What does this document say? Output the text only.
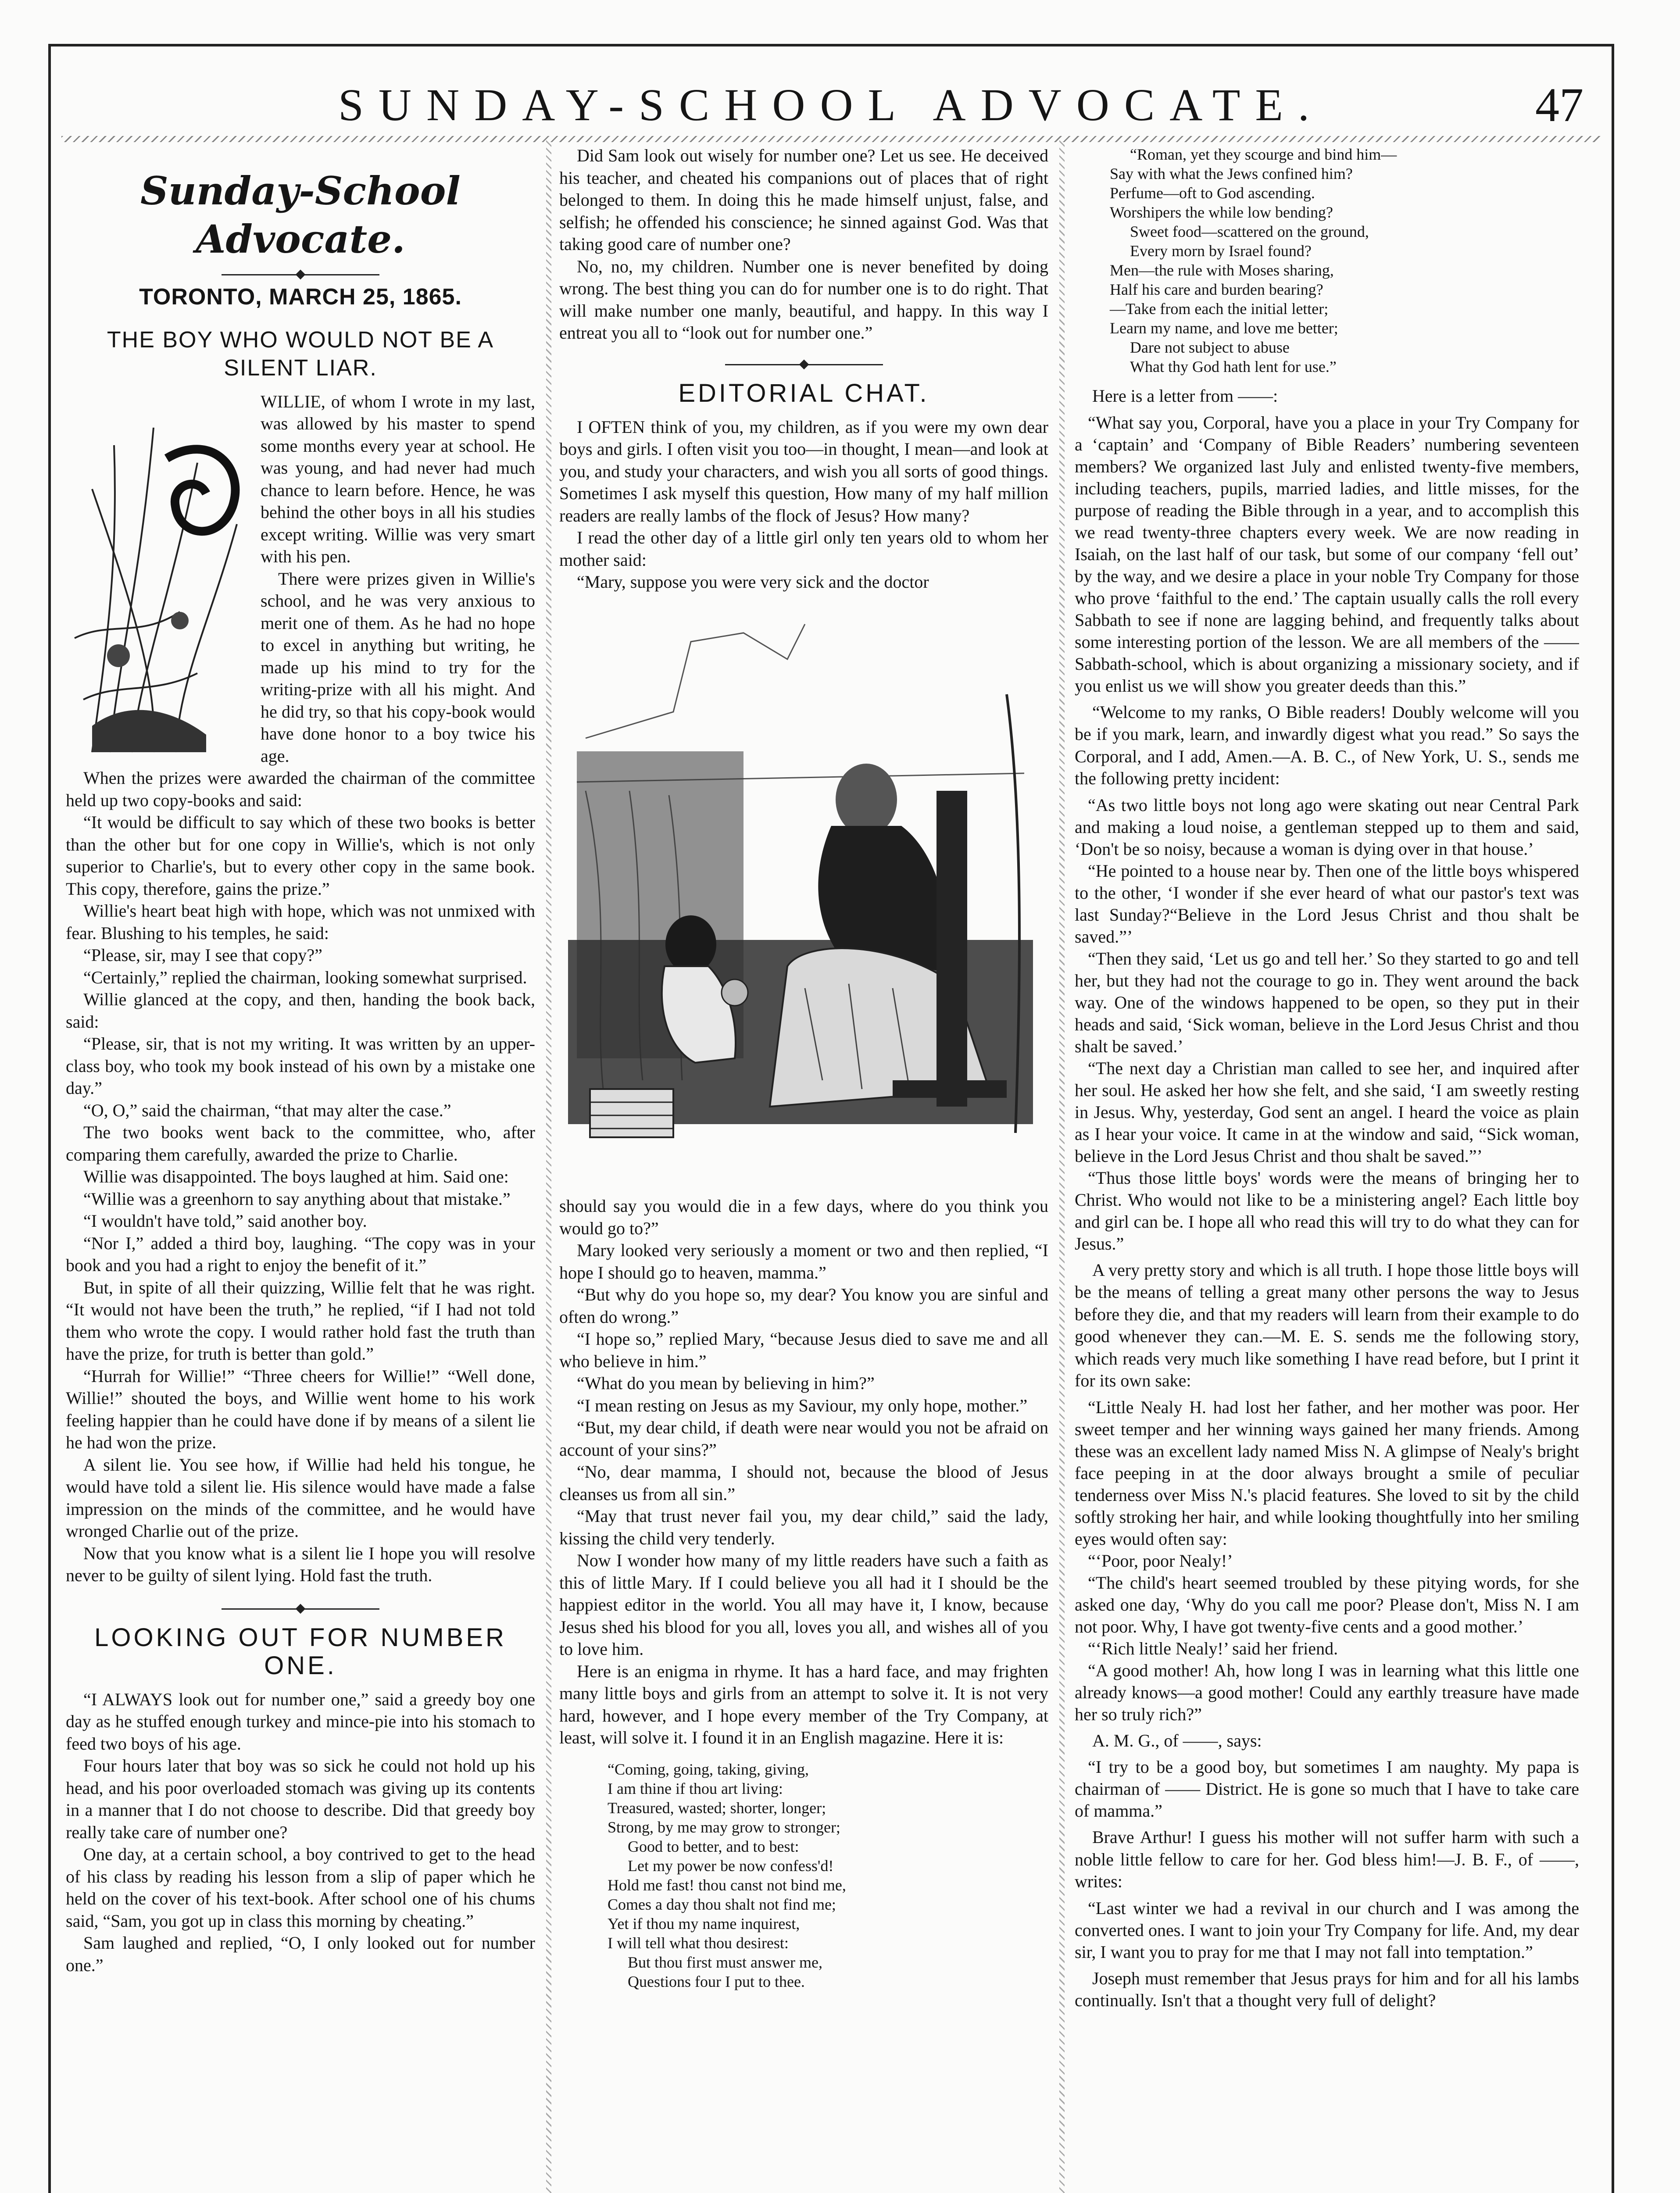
SUNDAY-SCHOOL ADVOCATE.	47
Sunday-School Advocate.
TORONTO, MARCH 25, 1865.
THE BOY WHO WOULD NOT BE A SILENT LIAR.

WILLIE, of whom I wrote in my last, was allowed by his master to spend some months every year at school. He was young, and had never had much chance to learn before. Hence, he was behind the other boys in all his studies except writing. Willie was very smart with his pen.

There were prizes given in Willie's school, and he was very anxious to merit one of them. As he had no hope to excel in anything but writing, he made up his mind to try for the writing-prize with all his might. And he did try, so that his copy-book would have done honor to a boy twice his age.

When the prizes were awarded the chairman of the committee held up two copy-books and said:

“It would be difficult to say which of these two books is better than the other but for one copy in Willie's, which is not only superior to Charlie's, but to every other copy in the same book. This copy, therefore, gains the prize.”

Willie's heart beat high with hope, which was not unmixed with fear. Blushing to his temples, he said:

“Please, sir, may I see that copy?”

“Certainly,” replied the chairman, looking somewhat surprised.

Willie glanced at the copy, and then, handing the book back, said:

“Please, sir, that is not my writing. It was written by an upper-class boy, who took my book instead of his own by a mistake one day.”

“O, O,” said the chairman, “that may alter the case.”

The two books went back to the committee, who, after comparing them carefully, awarded the prize to Charlie.

Willie was disappointed. The boys laughed at him. Said one:

“Willie was a greenhorn to say anything about that mistake.”

“I wouldn't have told,” said another boy.

“Nor I,” added a third boy, laughing. “The copy was in your book and you had a right to enjoy the benefit of it.”

But, in spite of all their quizzing, Willie felt that he was right. “It would not have been the truth,” he replied, “if I had not told them who wrote the copy. I would rather hold fast the truth than have the prize, for truth is better than gold.”

“Hurrah for Willie!” “Three cheers for Willie!” “Well done, Willie!” shouted the boys, and Willie went home to his work feeling happier than he could have done if by means of a silent lie he had won the prize.

A silent lie. You see how, if Willie had held his tongue, he would have told a silent lie. His silence would have made a false impression on the minds of the committee, and he would have wronged Charlie out of the prize.

Now that you know what is a silent lie I hope you will resolve never to be guilty of silent lying. Hold fast the truth.

LOOKING OUT FOR NUMBER ONE.

“I ALWAYS look out for number one,” said a greedy boy one day as he stuffed enough turkey and mince-pie into his stomach to feed two boys of his age.

Four hours later that boy was so sick he could not hold up his head, and his poor overloaded stomach was giving up its contents in a manner that I do not choose to describe. Did that greedy boy really take care of number one?

One day, at a certain school, a boy contrived to get to the head of his class by reading his lesson from a slip of paper which he held on the cover of his text-book. After school one of his chums said, “Sam, you got up in class this morning by cheating.”

Sam laughed and replied, “O, I only looked out for number one.”

Did Sam look out wisely for number one? Let us see. He deceived his teacher, and cheated his companions out of places that of right belonged to them. In doing this he made himself unjust, false, and selfish; he offended his conscience; he sinned against God. Was that taking good care of number one?

No, no, my children. Number one is never benefited by doing wrong. The best thing you can do for number one is to do right. That will make number one manly, beautiful, and happy. In this way I entreat you all to “look out for number one.”

EDITORIAL CHAT.

I OFTEN think of you, my children, as if you were my own dear boys and girls. I often visit you too—in thought, I mean—and look at you, and study your characters, and wish you all sorts of good things. Sometimes I ask myself this question, How many of my half million readers are really lambs of the flock of Jesus? How many?

I read the other day of a little girl only ten years old to whom her mother said:

“Mary, suppose you were very sick and the doctor

should say you would die in a few days, where do you think you would go to?”

Mary looked very seriously a moment or two and then replied, “I hope I should go to heaven, mamma.”

“But why do you hope so, my dear? You know you are sinful and often do wrong.”

“I hope so,” replied Mary, “because Jesus died to save me and all who believe in him.”

“What do you mean by believing in him?”

“I mean resting on Jesus as my Saviour, my only hope, mother.”

“But, my dear child, if death were near would you not be afraid on account of your sins?”

“No, dear mamma, I should not, because the blood of Jesus cleanses us from all sin.”

“May that trust never fail you, my dear child,” said the lady, kissing the child very tenderly.

Now I wonder how many of my little readers have such a faith as this of little Mary. If I could believe you all had it I should be the happiest editor in the world. You all may have it, I know, because Jesus shed his blood for you all, loves you all, and wishes all of you to love him.

Here is an enigma in rhyme. It has a hard face, and may frighten many little boys and girls from an attempt to solve it. It is not very hard, however, and I hope every member of the Try Company, at least, will solve it. I found it in an English magazine. Here it is:

“Coming, going, taking, giving,
I am thine if thou art living:
Treasured, wasted; shorter, longer;
Strong, by me may grow to stronger;
Good to better, and to best:
Let my power be now confess'd!
Hold me fast! thou canst not bind me,
Comes a day thou shalt not find me;
Yet if thou my name inquirest,
I will tell what thou desirest:
But thou first must answer me,
Questions four I put to thee.
“Roman, yet they scourge and bind him—
Say with what the Jews confined him?
Perfume—oft to God ascending.
Worshipers the while low bending?
Sweet food—scattered on the ground,
Every morn by Israel found?
Men—the rule with Moses sharing,
Half his care and burden bearing?
—Take from each the initial letter;
Learn my name, and love me better;
Dare not subject to abuse
What thy God hath lent for use.”

Here is a letter from ——:

“What say you, Corporal, have you a place in your Try Company for a ‘captain’ and ‘Company of Bible Readers’ numbering seventeen members? We organized last July and enlisted twenty-five members, including teachers, pupils, married ladies, and little misses, for the purpose of reading the Bible through in a year, and to accomplish this we read twenty-three chapters every week. We are now reading in Isaiah, on the last half of our task, but some of our company ‘fell out’ by the way, and we desire a place in your noble Try Company for those who prove ‘faithful to the end.’ The captain usually calls the roll every Sabbath to see if none are lagging behind, and frequently talks about some interesting portion of the lesson. We are all members of the —— Sabbath-school, which is about organizing a missionary society, and if you enlist us we will show you greater deeds than this.”

“Welcome to my ranks, O Bible readers! Doubly welcome will you be if you mark, learn, and inwardly digest what you read.” So says the Corporal, and I add, Amen.—A. B. C., of New York, U. S., sends me the following pretty incident:

“As two little boys not long ago were skating out near Central Park and making a loud noise, a gentleman stepped up to them and said, ‘Don't be so noisy, because a woman is dying over in that house.’

“He pointed to a house near by. Then one of the little boys whispered to the other, ‘I wonder if she ever heard of what our pastor's text was last Sunday?“Believe in the Lord Jesus Christ and thou shalt be saved.”’

“Then they said, ‘Let us go and tell her.’ So they started to go and tell her, but they had not the courage to go in. They went around the back way. One of the windows happened to be open, so they put in their heads and said, ‘Sick woman, believe in the Lord Jesus Christ and thou shalt be saved.’

“The next day a Christian man called to see her, and inquired after her soul. He asked her how she felt, and she said, ‘I am sweetly resting in Jesus. Why, yesterday, God sent an angel. I heard the voice as plain as I hear your voice. It came in at the window and said, “Sick woman, believe in the Lord Jesus Christ and thou shalt be saved.”’

“Thus those little boys' words were the means of bringing her to Christ. Who would not like to be a ministering angel? Each little boy and girl can be. I hope all who read this will try to do what they can for Jesus.”

A very pretty story and which is all truth. I hope those little boys will be the means of telling a great many other persons the way to Jesus before they die, and that my readers will learn from their example to do good whenever they can.—M. E. S. sends me the following story, which reads very much like something I have read before, but I print it for its own sake:

“Little Nealy H. had lost her father, and her mother was poor. Her sweet temper and her winning ways gained her many friends. Among these was an excellent lady named Miss N. A glimpse of Nealy's bright face peeping in at the door always brought a smile of peculiar tenderness over Miss N.'s placid features. She loved to sit by the child softly stroking her hair, and while looking thoughtfully into her smiling eyes would often say:

“‘Poor, poor Nealy!’

“The child's heart seemed troubled by these pitying words, for she asked one day, ‘Why do you call me poor? Please don't, Miss N. I am not poor. Why, I have got twenty-five cents and a good mother.’

“‘Rich little Nealy!’ said her friend.

“A good mother! Ah, how long I was in learning what this little one already knows—a good mother! Could any earthly treasure have made her so truly rich?”

A. M. G., of ——, says:

“I try to be a good boy, but sometimes I am naughty. My papa is chairman of —— District. He is gone so much that I have to take care of mamma.”

Brave Arthur! I guess his mother will not suffer harm with such a noble little fellow to care for her. God bless him!—J. B. F., of ——, writes:

“Last winter we had a revival in our church and I was among the converted ones. I want to join your Try Company for life. And, my dear sir, I want you to pray for me that I may not fall into temptation.”

Joseph must remember that Jesus prays for him and for all his lambs continually. Isn't that a thought very full of delight?
